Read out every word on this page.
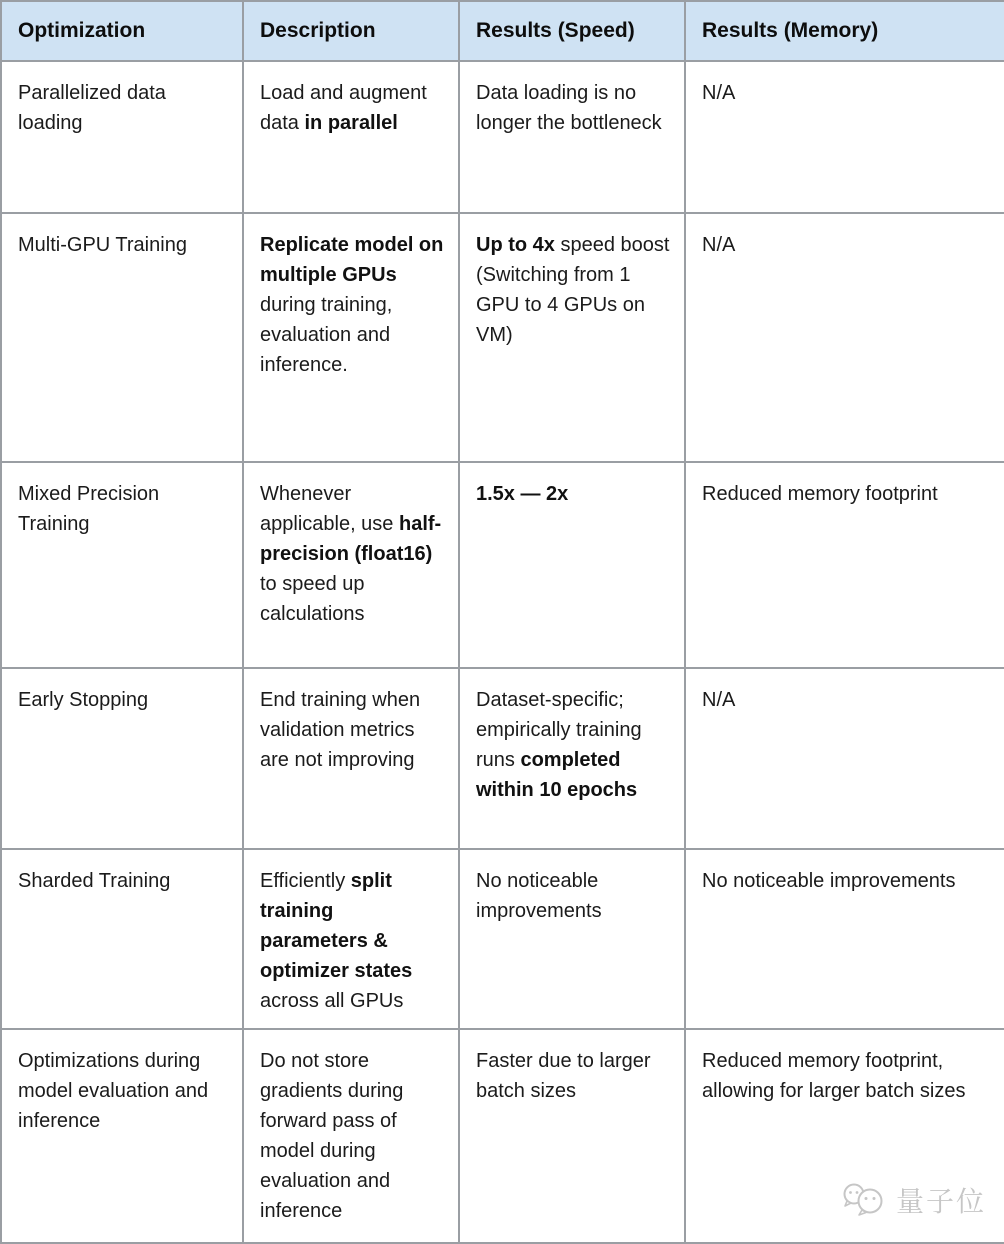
Optimization	Description	Results (Speed)	Results (Memory)
Parallelized data loading	Load and augment data in parallel	Data loading is no longer the bottleneck	N/A
Multi-GPU Training	Replicate model on multiple GPUs during training, evaluation and inference.	Up to 4x speed boost (Switching from 1 GPU to 4 GPUs on VM)	N/A
Mixed Precision Training	Whenever applicable, use half-precision (float16) to speed up calculations	1.5x — 2x	Reduced memory footprint
Early Stopping	End training when validation metrics are not improving	Dataset-specific; empirically training runs completed within 10 epochs	N/A
Sharded Training	Efficiently split training parameters & optimizer states across all GPUs	No noticeable improvements	No noticeable improvements
Optimizations during model evaluation and inference	Do not store gradients during forward pass of model during evaluation and inference	Faster due to larger batch sizes	Reduced memory footprint, allowing for larger batch sizes
量子位
